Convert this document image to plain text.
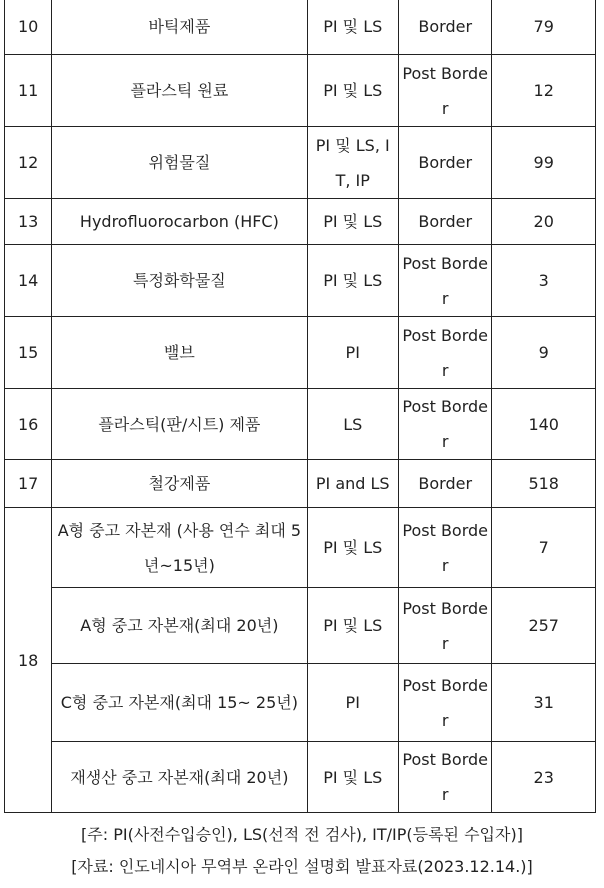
10	바틱제품	PI 및 LS	Border	79
11	플라스틱 원료	PI 및 LS	Post Border	12
12	위험물질	PI 및 LS, IT, IP	Border	99
13	Hydrofluorocarbon (HFC)	PI 및 LS	Border	20
14	특정화학물질	PI 및 LS	Post Border	3
15	밸브	PI	Post Border	9
16	플라스틱(판/시트) 제품	LS	Post Border	140
17	철강제품	PI and LS	Border	518
18	A형 중고 자본재 (사용 연수 최대 5년~15년)	PI 및 LS	Post Border	7
	A형 중고 자본재(최대 20년)	PI 및 LS	Post Border	257
	C형 중고 자본재(최대 15~ 25년)	PI	Post Border	31
	재생산 중고 자본재(최대 20년)	PI 및 LS	Post Border	23
[주: PI(사전수입승인), LS(선적 전 검사), IT/IP(등록된 수입자)]
[자료: 인도네시아 무역부 온라인 설명회 발표자료(2023.12.14.)]
